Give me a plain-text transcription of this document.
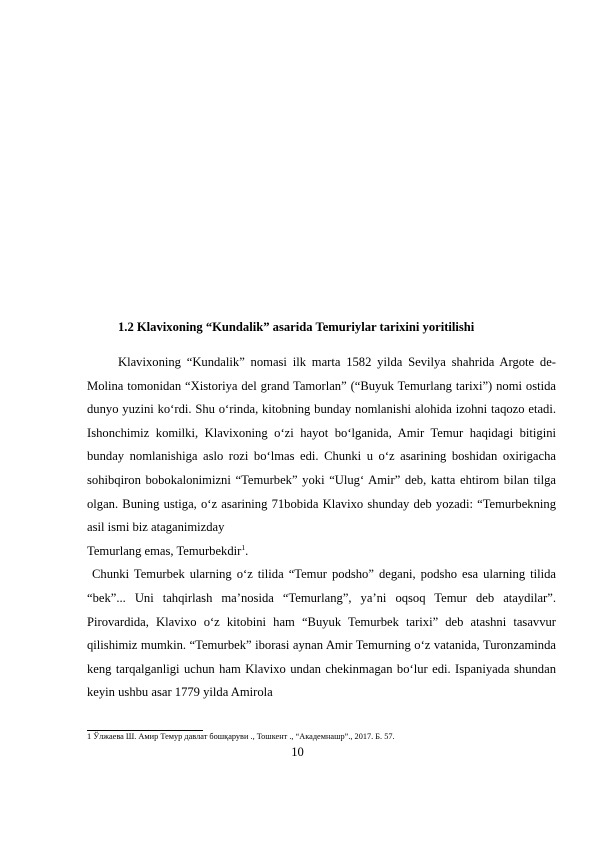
1.2 Klavixoning “Kundalik” asarida Temuriylar tarixini yoritilishi

Klavixoning “Kundalik” nomasi ilk marta 1582 yilda Sevilya shahrida Argote de-Molina tomonidan “Xistoriya del grand Tamorlan” (“Buyuk Temurlang tarixi”) nomi ostida dunyo yuzini ko‘rdi. Shu o‘rinda, kitobning bunday nomlanishi alohida izohni taqozo etadi. Ishonchimiz komilki, Klavixoning o‘zi hayot bo‘lganida, Amir Temur haqidagi bitigini bunday nomlanishiga aslo rozi bo‘lmas edi. Chunki u o‘z asarining boshidan oxirigacha sohibqiron bobokalonimizni “Temurbek” yoki “Ulug‘ Amir” deb, katta ehtirom bilan tilga olgan. Buning ustiga, o‘z asarining 71bobida Klavixo shunday deb yozadi: “Temurbekning asil ismi biz ataganimizday

Temurlang emas, Temurbekdir$^1$.

Chunki Temurbek ularning o‘z tilida “Temur podsho” degani, podsho esa ularning tilida “bek”... Uni tahqirlash ma’nosida “Temurlang”, ya’ni oqsoq Temur deb ataydilar”. Pirovardida, Klavixo o‘z kitobini ham “Buyuk Temurbek tarixi” deb atashni tasavvur qilishimiz mumkin. “Temurbek” iborasi aynan Amir Temurning o‘z vatanida, Turonzaminda keng tarqalganligi uchun ham Klavixo undan chekinmagan bo‘lur edi. Ispaniyada shundan keyin ushbu asar 1779 yilda Amirola

1 Ўлжаева Ш. Амир Темур давлат бошқаруви ., Тошкент ., “Академнашр”., 2017. Б. 57.
10
